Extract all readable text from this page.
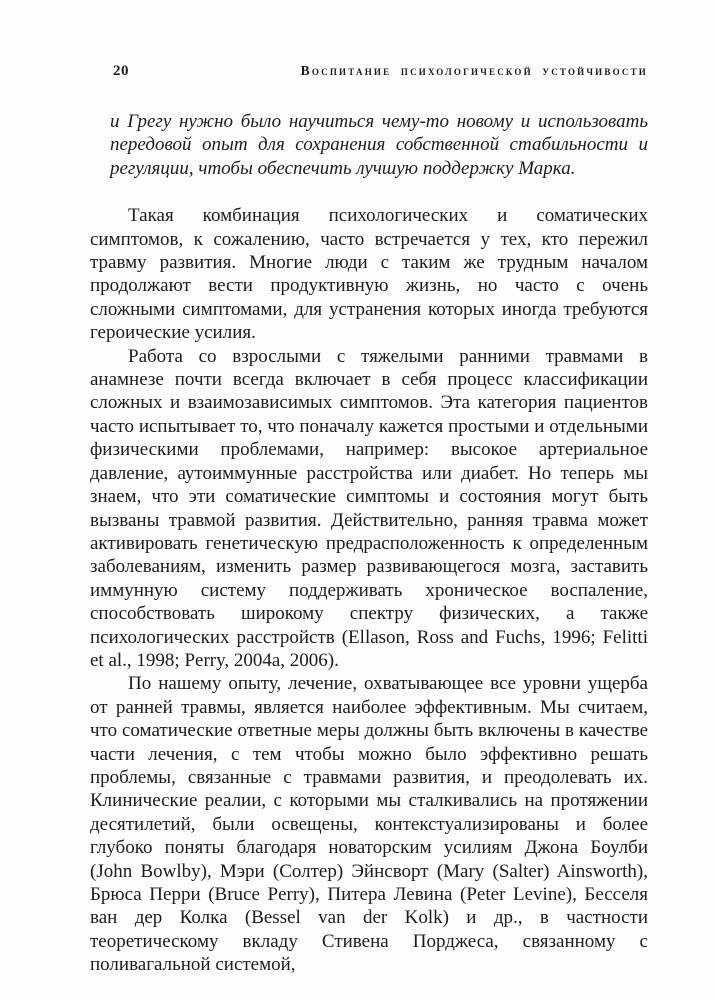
20	Воспитание психологической устойчивости

и Грегу нужно было научиться чему-то новому и использовать передовой опыт для сохранения собственной стабильности и регуляции, чтобы обеспечить лучшую поддержку Марка.

Такая комбинация психологических и соматических симптомов, к сожалению, часто встречается у тех, кто пережил травму развития. Многие люди с таким же трудным началом продолжают вести продуктивную жизнь, но часто с очень сложными симптомами, для устранения которых иногда требуются героические усилия.

Работа со взрослыми с тяжелыми ранними травмами в анамнезе почти всегда включает в себя процесс классификации сложных и взаимозависимых симптомов. Эта категория пациентов часто испытывает то, что поначалу кажется простыми и отдельными физическими проблемами, например: высокое артериальное давление, аутоиммунные расстройства или диабет. Но теперь мы знаем, что эти соматические симптомы и состояния могут быть вызваны травмой развития. Действительно, ранняя травма может активировать генетическую предрасположенность к определенным заболеваниям, изменить размер развивающегося мозга, заставить иммунную систему поддерживать хроническое воспаление, способствовать широкому спектру физических, а также психологических расстройств (Ellason, Ross and Fuchs, 1996; Felitti et al., 1998; Perry, 2004a, 2006).

По нашему опыту, лечение, охватывающее все уровни ущерба от ранней травмы, является наиболее эффективным. Мы считаем, что соматические ответные меры должны быть включены в качестве части лечения, с тем чтобы можно было эффективно решать проблемы, связанные с травмами развития, и преодолевать их. Клинические реалии, с которыми мы сталкивались на протяжении десятилетий, были освещены, контекстуализированы и более глубоко поняты благодаря новаторским усилиям Джона Боулби (John Bowlby), Мэри (Солтер) Эйнсворт (Mary (Salter) Ainsworth), Брюса Перри (Bruce Perry), Питера Левина (Peter Levine), Бесселя ван дер Колка (Bessel van der Kolk) и др., в частности теоретическому вкладу Стивена Порджеса, связанному с поливагальной системой,
